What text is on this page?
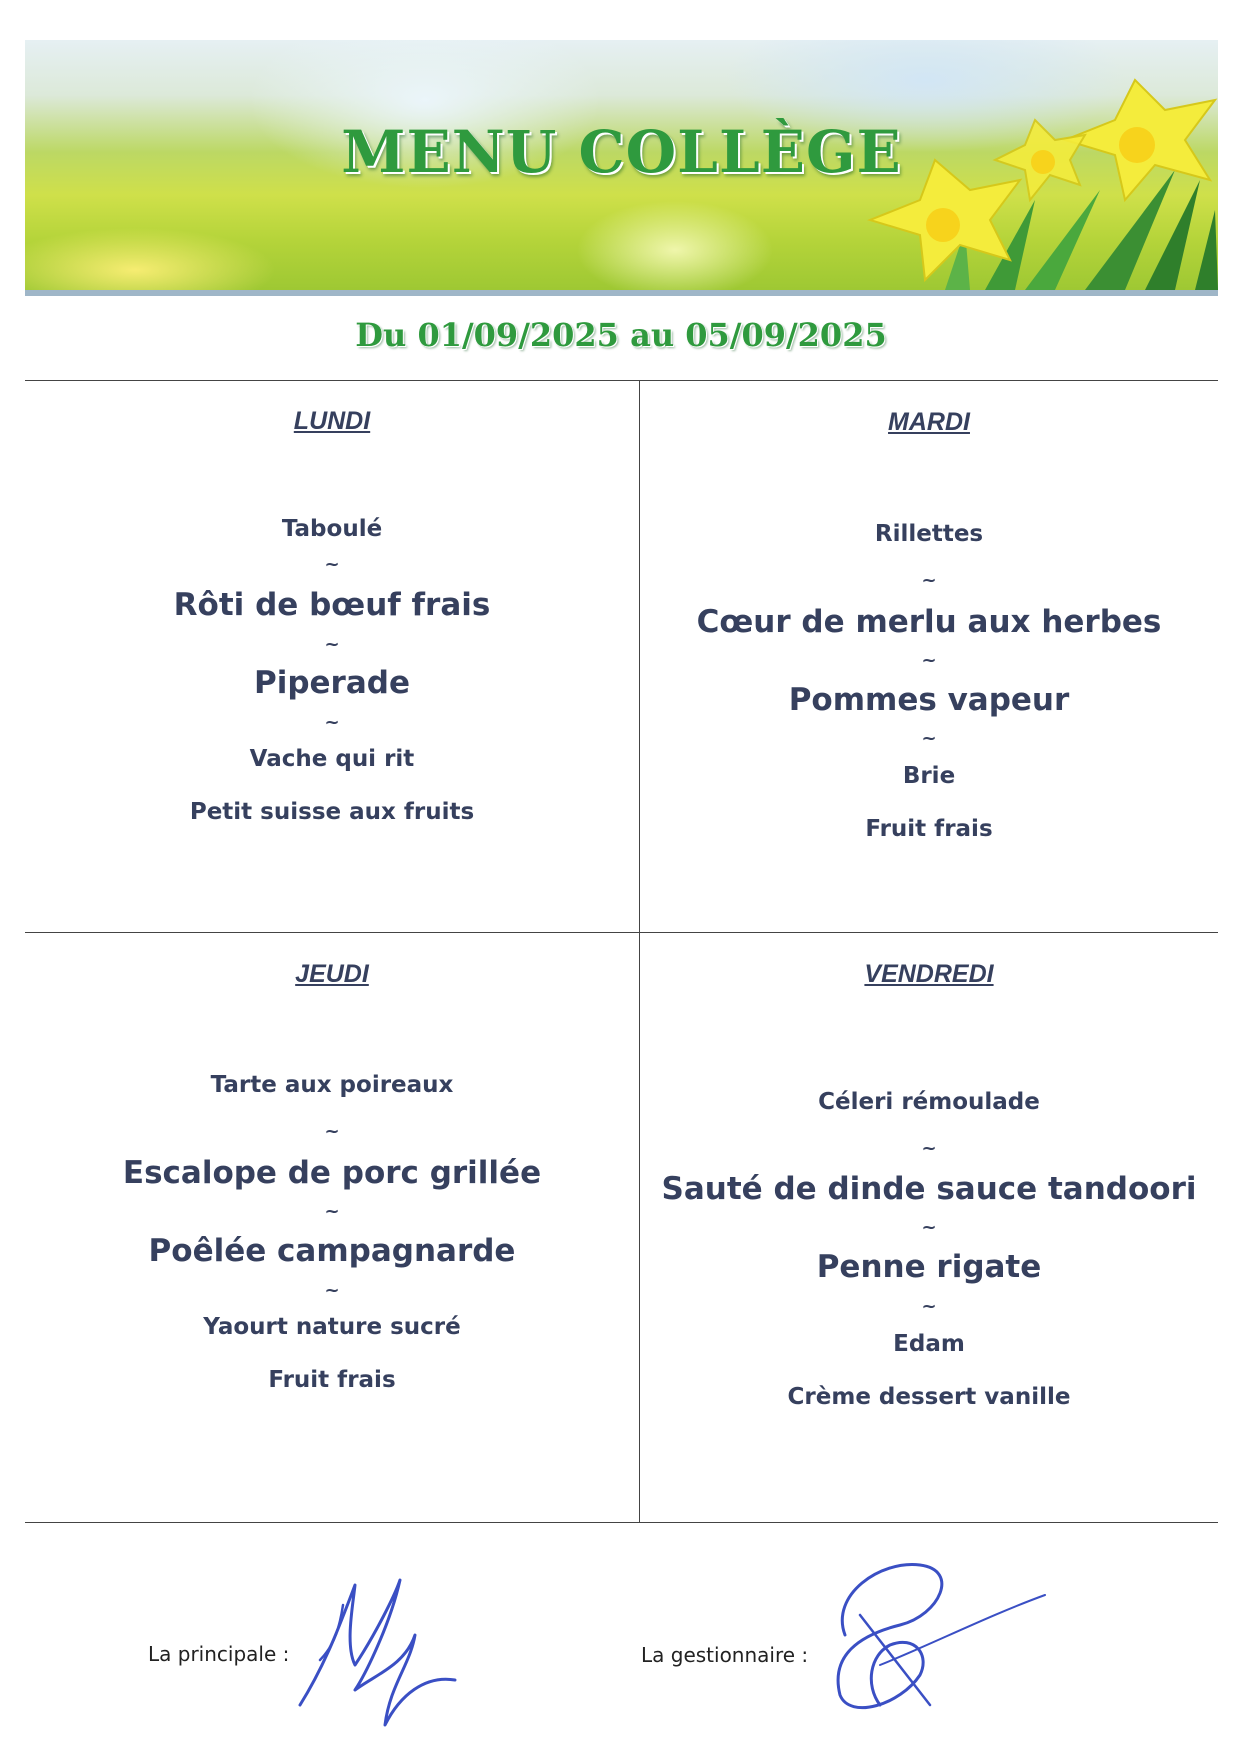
MENU COLLÈGE
Du 01/09/2025 au 05/09/2025
LUNDI
Taboulé
~
Rôti de bœuf frais
~
Piperade
~
Vache qui rit
Petit suisse aux fruits
MARDI
Rillettes
~
Cœur de merlu aux herbes
~
Pommes vapeur
~
Brie
Fruit frais
JEUDI
Tarte aux poireaux
~
Escalope de porc grillée
~
Poêlée campagnarde
~
Yaourt nature sucré
Fruit frais
VENDREDI
Céleri rémoulade
~
Sauté de dinde sauce tandoori
~
Penne rigate
~
Edam
Crème dessert vanille
La principale :	La gestionnaire :
